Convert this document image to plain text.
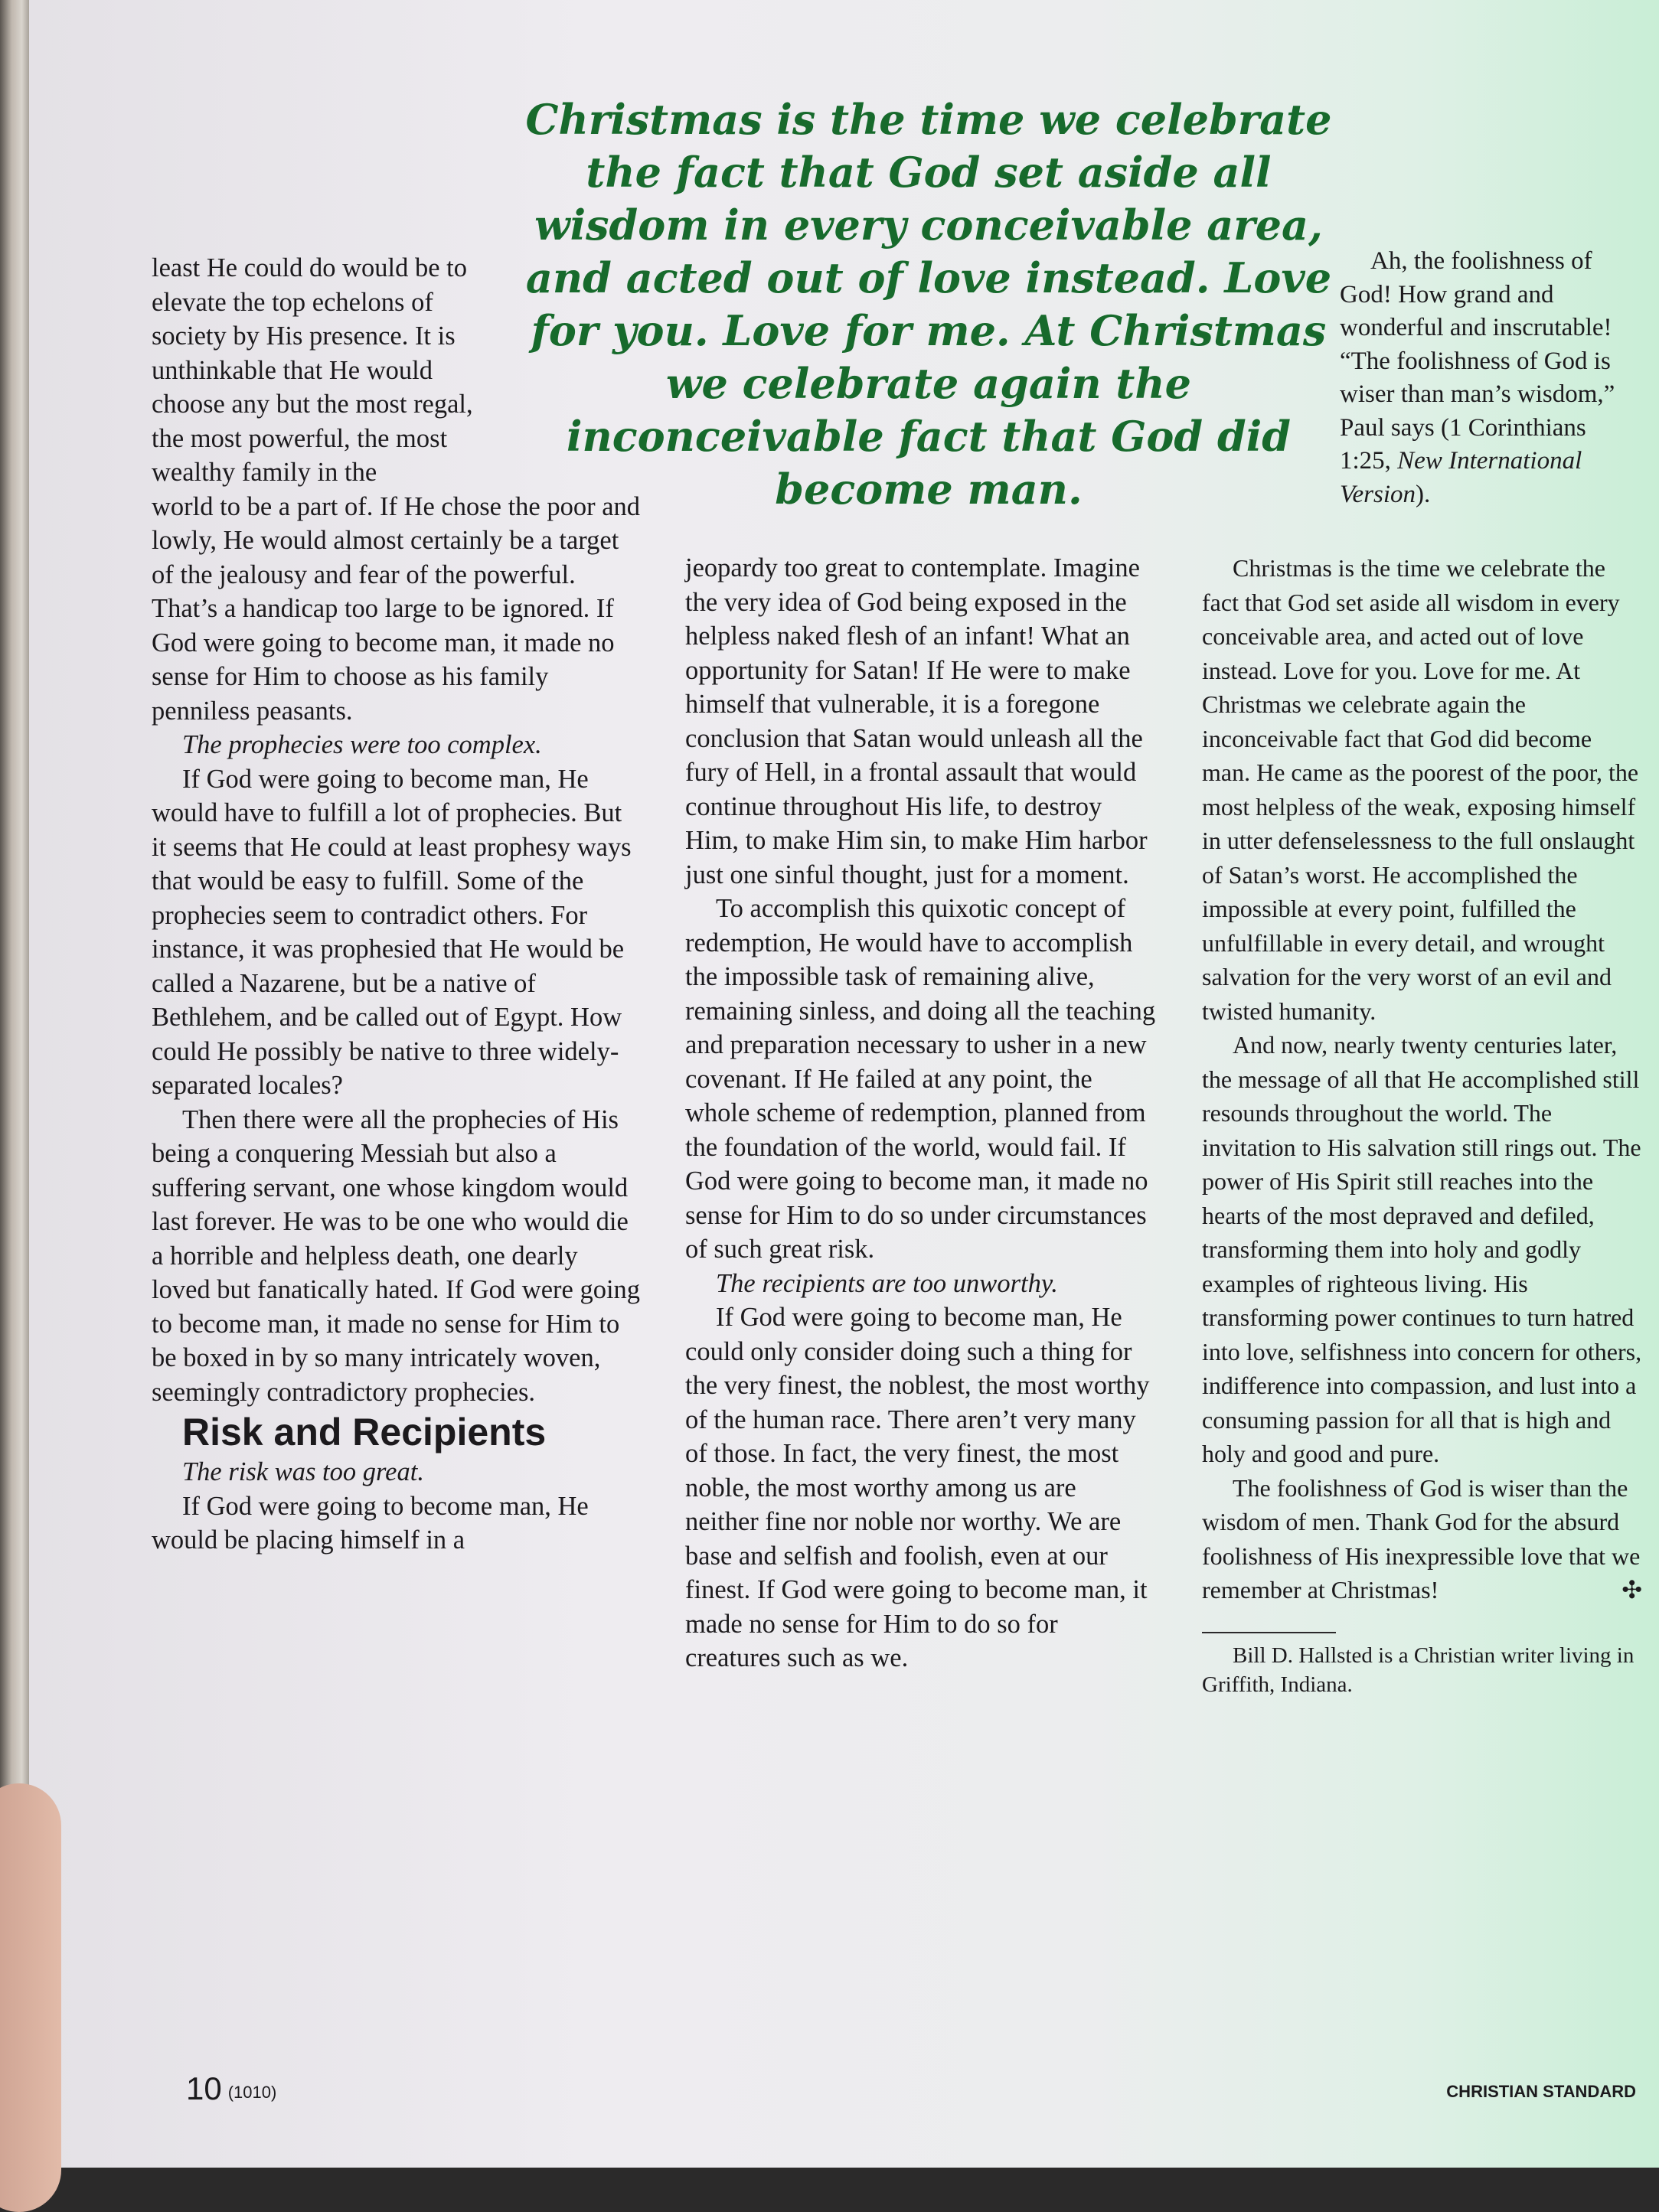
Christmas is the time we celebrate the fact that God set aside all wisdom in every conceivable area, and acted out of love instead. Love for you. Love for me. At Christmas we celebrate again the inconceivable fact that God did become man.

least He could do would be to elevate the top echelons of society by His presence. It is unthinkable that He would choose any but the most regal, the most powerful, the most wealthy family in the

world to be a part of. If He chose the poor and lowly, He would almost certainly be a target of the jealousy and fear of the powerful. That’s a handicap too large to be ignored. If God were going to become man, it made no sense for Him to choose as his family penniless peasants.

The prophecies were too complex.

If God were going to become man, He would have to fulfill a lot of prophecies. But it seems that He could at least prophesy ways that would be easy to fulfill. Some of the prophecies seem to contradict others. For instance, it was prophesied that He would be called a Nazarene, but be a native of Bethlehem, and be called out of Egypt. How could He possibly be native to three widely-separated locales?

Then there were all the prophecies of His being a conquering Messiah but also a suffering servant, one whose kingdom would last forever. He was to be one who would die a horrible and helpless death, one dearly loved but fanatically hated. If God were going to become man, it made no sense for Him to be boxed in by so many intricately woven, seemingly contradictory prophecies.

Risk and Recipients

The risk was too great.

If God were going to become man, He would be placing himself in a

jeopardy too great to contemplate. Imagine the very idea of God being exposed in the helpless naked flesh of an infant! What an opportunity for Satan! If He were to make himself that vulnerable, it is a foregone conclusion that Satan would unleash all the fury of Hell, in a frontal assault that would continue throughout His life, to destroy Him, to make Him sin, to make Him harbor just one sinful thought, just for a moment.

To accomplish this quixotic concept of redemption, He would have to accomplish the impossible task of remaining alive, remaining sinless, and doing all the teaching and preparation necessary to usher in a new covenant. If He failed at any point, the whole scheme of redemption, planned from the foundation of the world, would fail. If God were going to become man, it made no sense for Him to do so under circumstances of such great risk.

The recipients are too unworthy.

If God were going to become man, He could only consider doing such a thing for the very finest, the noblest, the most worthy of the human race. There aren’t very many of those. In fact, the very finest, the most noble, the most worthy among us are neither fine nor noble nor worthy. We are base and selfish and foolish, even at our finest. If God were going to become man, it made no sense for Him to do so for creatures such as we.

Ah, the foolishness of God! How grand and wonderful and inscrutable! “The foolishness of God is wiser than man’s wisdom,” Paul says (1 Corinthians 1:25, New International Version).

Christmas is the time we celebrate the fact that God set aside all wisdom in every conceivable area, and acted out of love instead. Love for you. Love for me. At Christmas we celebrate again the inconceivable fact that God did become man. He came as the poorest of the poor, the most helpless of the weak, exposing himself in utter defenselessness to the full onslaught of Satan’s worst. He accomplished the impossible at every point, fulfilled the unfulfillable in every detail, and wrought salvation for the very worst of an evil and twisted humanity.

And now, nearly twenty centuries later, the message of all that He accomplished still resounds throughout the world. The invitation to His salvation still rings out. The power of His Spirit still reaches into the hearts of the most depraved and defiled, transforming them into holy and godly examples of righteous living. His transforming power continues to turn hatred into love, selfishness into concern for others, indifference into compassion, and lust into a consuming passion for all that is high and holy and good and pure.

The foolishness of God is wiser than the wisdom of men. Thank God for the absurd foolishness of His inexpressible love that we remember at Christmas!	✣

Bill D. Hallsted is a Christian writer living in Griffith, Indiana.

10 (1010)	CHRISTIAN STANDARD
